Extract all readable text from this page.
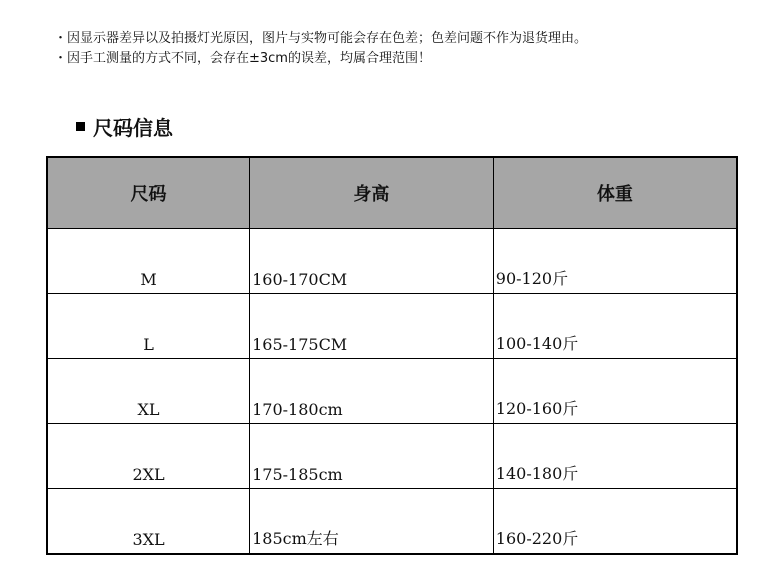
・因显示器差异以及拍摄灯光原因，图片与实物可能会存在色差；色差问题不作为退货理由。
・因手工测量的方式不同，会存在±3cm的误差，均属合理范围！
尺码信息
尺码	身高	体重
M	160-170CM	90-120斤
L	165-175CM	100-140斤
XL	170-180cm	120-160斤
2XL	175-185cm	140-180斤
3XL	185cm左右	160-220斤
